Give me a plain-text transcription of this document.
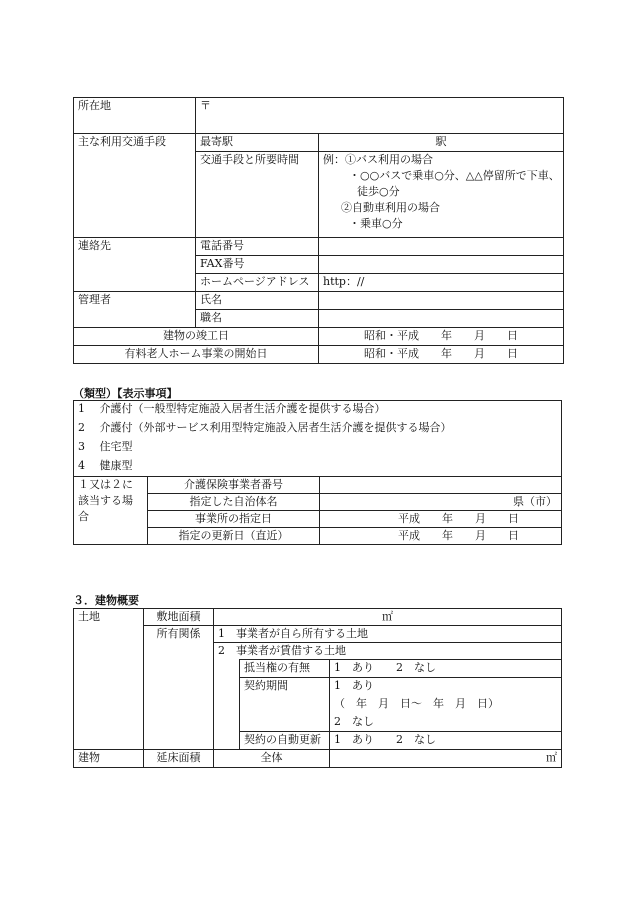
所在地	〒	
主な利用交通手段	最寄駅	駅
	交通手段と所要時間	例：①バス利用の場合
・○○バスで乗車○分、△△停留所で下車、
徒歩○分
②自動車利用の場合
・乗車○分

連絡先	電話番号	
	FAX番号	
	ホームページアドレス	http：//
管理者	氏名	
	職名	
建物の竣工日		昭和・平成　　年　　月　　日
有料老人ホーム事業の開始日		昭和・平成　　年　　月　　日
（類型）【表示事項】
1　 介護付（一般型特定施設入居者生活介護を提供する場合）		
2　 介護付（外部サービス利用型特定施設入居者生活介護を提供する場合）		
3　 住宅型		
4　 健康型		
１又は２に該当する場合	介護保険事業者番号	
	指定した自治体名	県（市）
	事業所の指定日	平成　　年　　月　　日
	指定の更新日（直近）	平成　　年　　月　　日
３．建物概要
土地	敷地面積	㎡		
	所有関係	1　事業者が自ら所有する土地		
		2　事業者が賃借する土地		
			抵当権の有無	1　あり　　2　なし
			契約期間	1　あり
				（　年　月　日～　年　月　日）
				2　なし
			契約の自動更新	1　あり　　2　なし
建物	延床面積	全体		㎡
